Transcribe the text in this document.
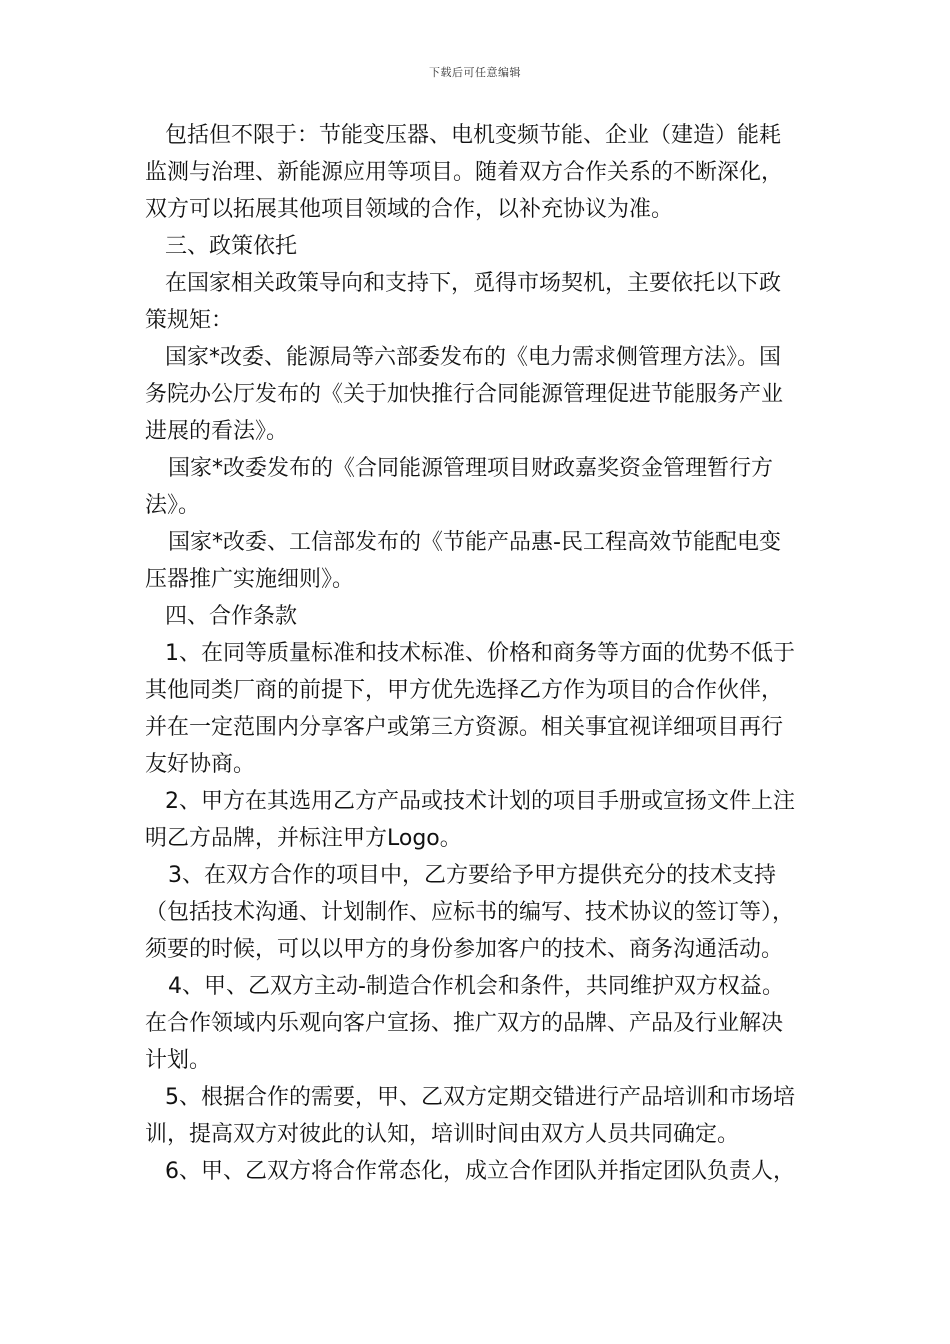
下载后可任意编辑
包括但不限于：节能变压器、电机变频节能、企业（建造）能耗
监测与治理、新能源应用等项目。随着双方合作关系的不断深化，
双方可以拓展其他项目领域的合作，以补充协议为准。
三、政策依托
在国家相关政策导向和支持下，觅得市场契机，主要依托以下政
策规矩：
国家*改委、能源局等六部委发布的《电力需求侧管理方法》。国
务院办公厅发布的《关于加快推行合同能源管理促进节能服务产业
进展的看法》。
国家*改委发布的《合同能源管理项目财政嘉奖资金管理暂行方
法》。
国家*改委、工信部发布的《节能产品惠-民工程高效节能配电变
压器推广实施细则》。
四、合作条款
1、在同等质量标准和技术标准、价格和商务等方面的优势不低于
其他同类厂商的前提下，甲方优先选择乙方作为项目的合作伙伴，
并在一定范围内分享客户或第三方资源。相关事宜视详细项目再行
友好协商。
2、甲方在其选用乙方产品或技术计划的项目手册或宣扬文件上注
明乙方品牌，并标注甲方Logo。
3、在双方合作的项目中，乙方要给予甲方提供充分的技术支持
（包括技术沟通、计划制作、应标书的编写、技术协议的签订等），
须要的时候，可以以甲方的身份参加客户的技术、商务沟通活动。
4、甲、乙双方主动-制造合作机会和条件，共同维护双方权益。
在合作领域内乐观向客户宣扬、推广双方的品牌、产品及行业解决
计划。
5、根据合作的需要，甲、乙双方定期交错进行产品培训和市场培
训，提高双方对彼此的认知，培训时间由双方人员共同确定。
6、甲、乙双方将合作常态化，成立合作团队并指定团队负责人，
